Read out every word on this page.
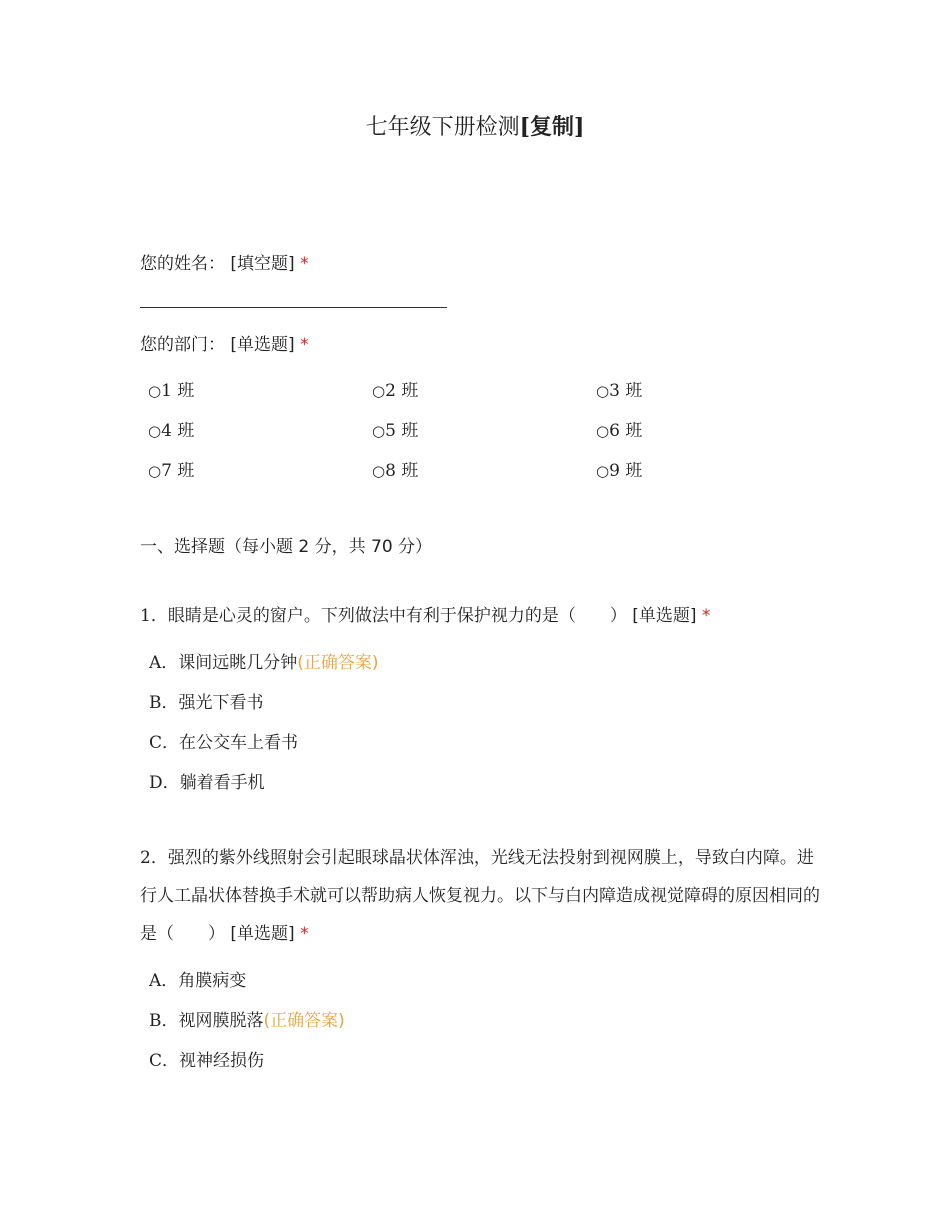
七年级下册检测[复制]
您的姓名： [填空题] *
您的部门： [单选题] *
○1 班	○2 班	○3 班
○4 班	○5 班	○6 班
○7 班	○8 班	○9 班
一、选择题（每小题 2 分，共 70 分）
1．眼睛是心灵的窗户。下列做法中有利于保护视力的是（　　） [单选题] *
A．课间远眺几分钟(正确答案)
B．强光下看书
C．在公交车上看书
D．躺着看手机
2．强烈的紫外线照射会引起眼球晶状体浑浊，光线无法投射到视网膜上，导致白内障。进行人工晶状体替换手术就可以帮助病人恢复视力。以下与白内障造成视觉障碍的原因相同的是（　　） [单选题] *
A．角膜病变
B．视网膜脱落(正确答案)
C．视神经损伤
